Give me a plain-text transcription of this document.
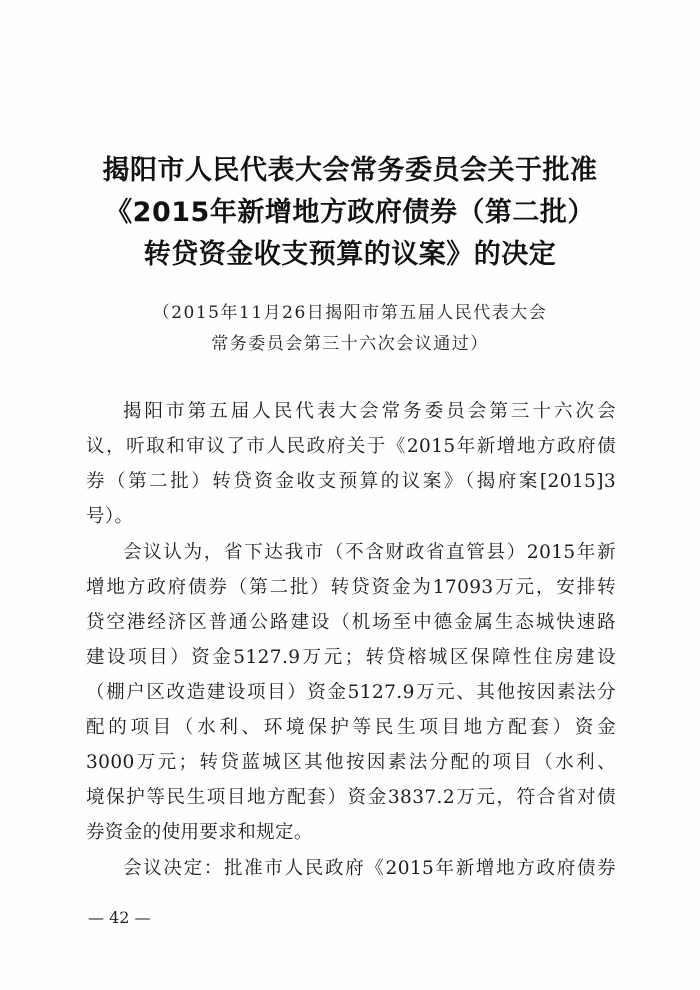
揭阳市人民代表大会常务委员会关于批准
《2015年新增地方政府债券（第二批）
转贷资金收支预算的议案》的决定
（2015年11月26日揭阳市第五届人民代表大会
常务委员会第三十六次会议通过）
揭阳市第五届人民代表大会常务委员会第三十六次会
议，听取和审议了市人民政府关于《2015年新增地方政府债
券（第二批）转贷资金收支预算的议案》（揭府案[2015]3
号）。
会议认为，省下达我市（不含财政省直管县）2015年新
增地方政府债券（第二批）转贷资金为17093万元，安排转
贷空港经济区普通公路建设（机场至中德金属生态城快速路
建设项目）资金5127.9万元；转贷榕城区保障性住房建设
（棚户区改造建设项目）资金5127.9万元、其他按因素法分
配的项目（水利、环境保护等民生项目地方配套）资金
3000万元；转贷蓝城区其他按因素法分配的项目（水利、
境保护等民生项目地方配套）资金3837.2万元，符合省对债
券资金的使用要求和规定。
会议决定：批准市人民政府《2015年新增地方政府债券
— 42 —
